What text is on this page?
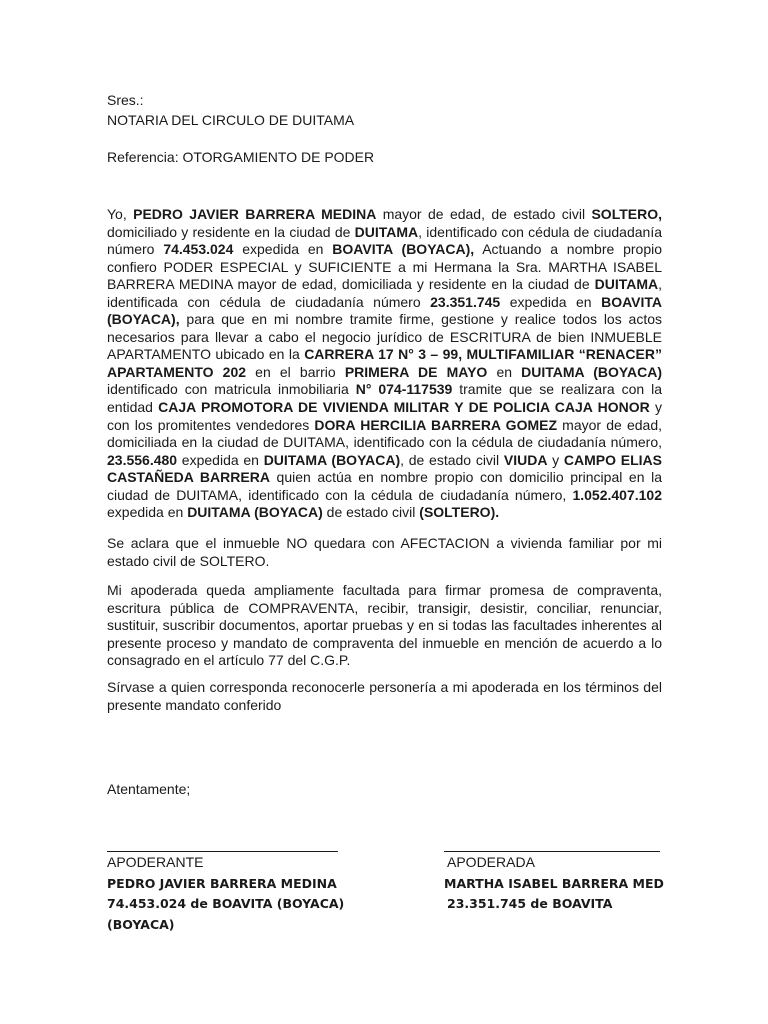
Sres.:
NOTARIA DEL CIRCULO DE DUITAMA
Referencia: OTORGAMIENTO DE PODER

Yo, PEDRO JAVIER BARRERA MEDINA mayor de edad, de estado civil SOLTERO, domiciliado y residente en la ciudad de DUITAMA, identificado con cédula de ciudadanía número 74.453.024 expedida en BOAVITA (BOYACA), Actuando a nombre propio confiero PODER ESPECIAL y SUFICIENTE a mi Hermana la Sra. MARTHA ISABEL BARRERA MEDINA mayor de edad, domiciliada y residente en la ciudad de DUITAMA, identificada con cédula de ciudadanía número 23.351.745 expedida en BOAVITA (BOYACA), para que en mi nombre tramite firme, gestione y realice todos los actos necesarios para llevar a cabo el negocio jurídico de ESCRITURA de bien INMUEBLE APARTAMENTO ubicado en la CARRERA 17 N° 3 – 99, MULTIFAMILIAR “RENACER” APARTAMENTO 202 en el barrio PRIMERA DE MAYO en DUITAMA (BOYACA) identificado con matricula inmobiliaria N° 074-117539 tramite que se realizara con la entidad CAJA PROMOTORA DE VIVIENDA MILITAR Y DE POLICIA CAJA HONOR y con los promitentes vendedores DORA HERCILIA BARRERA GOMEZ mayor de edad, domiciliada en la ciudad de DUITAMA, identificado con la cédula de ciudadanía número, 23.556.480 expedida en DUITAMA (BOYACA), de estado civil VIUDA y CAMPO ELIAS CASTAÑEDA BARRERA quien actúa en nombre propio con domicilio principal en la ciudad de DUITAMA, identificado con la cédula de ciudadanía número, 1.052.407.102 expedida en DUITAMA (BOYACA) de estado civil (SOLTERO).

Se aclara que el inmueble NO quedara con AFECTACION a vivienda familiar por mi estado civil de SOLTERO.

Mi apoderada queda ampliamente facultada para firmar promesa de compraventa, escritura pública de COMPRAVENTA, recibir, transigir, desistir, conciliar, renunciar, sustituir, suscribir documentos, aportar pruebas y en si todas las facultades inherentes al presente proceso y mandato de compraventa del inmueble en mención de acuerdo a lo consagrado en el artículo 77 del C.G.P.

Sírvase a quien corresponda reconocerle personería a mi apoderada en los términos del presente mandato conferido

Atentamente;
APODERANTE	APODERADA
PEDRO JAVIER BARRERA MEDINA	MARTHA ISABEL BARRERA MED
74.453.024 de BOAVITA (BOYACA)	23.351.745 de BOAVITA
(BOYACA)
